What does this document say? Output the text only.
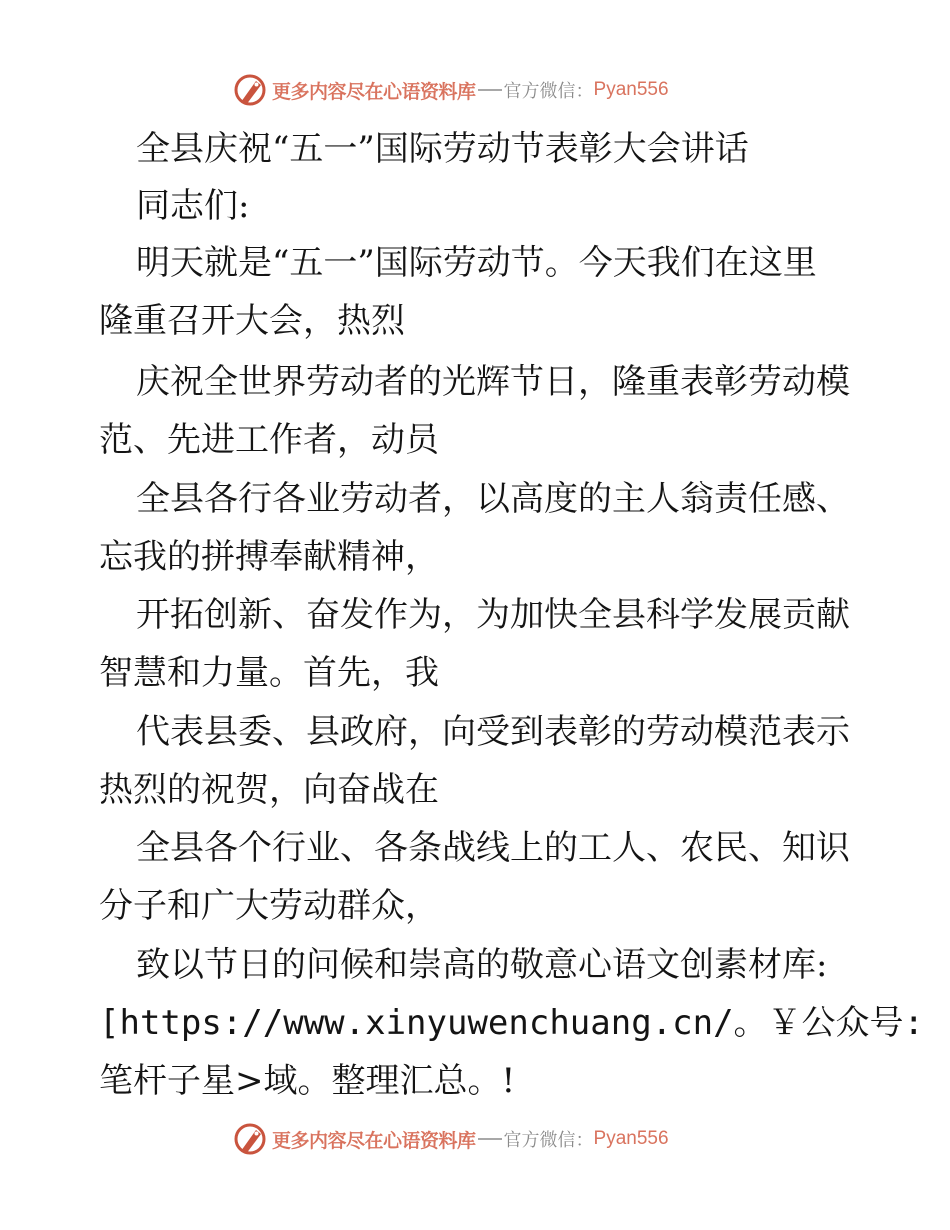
更多内容尽在心语资料库 官方微信： Pyan556

全县庆祝“五一”国际劳动节表彰大会讲话

同志们:

明天就是“五一”国际劳动节。今天我们在这里

隆重召开大会，热烈

庆祝全世界劳动者的光辉节日，隆重表彰劳动模

范、先进工作者，动员

全县各行各业劳动者，以高度的主人翁责任感、

忘我的拼搏奉献精神，

开拓创新、奋发作为，为加快全县科学发展贡献

智慧和力量。首先，我

代表县委、县政府，向受到表彰的劳动模范表示

热烈的祝贺，向奋战在

全县各个行业、各条战线上的工人、农民、知识

分子和广大劳动群众，

致以节日的问候和崇高的敬意心语文创素材库:

[https://www.xinyuwenchuang.cn/。￥公众号:

笔杆子星>域。整理汇总。!

更多内容尽在心语资料库 官方微信： Pyan556
